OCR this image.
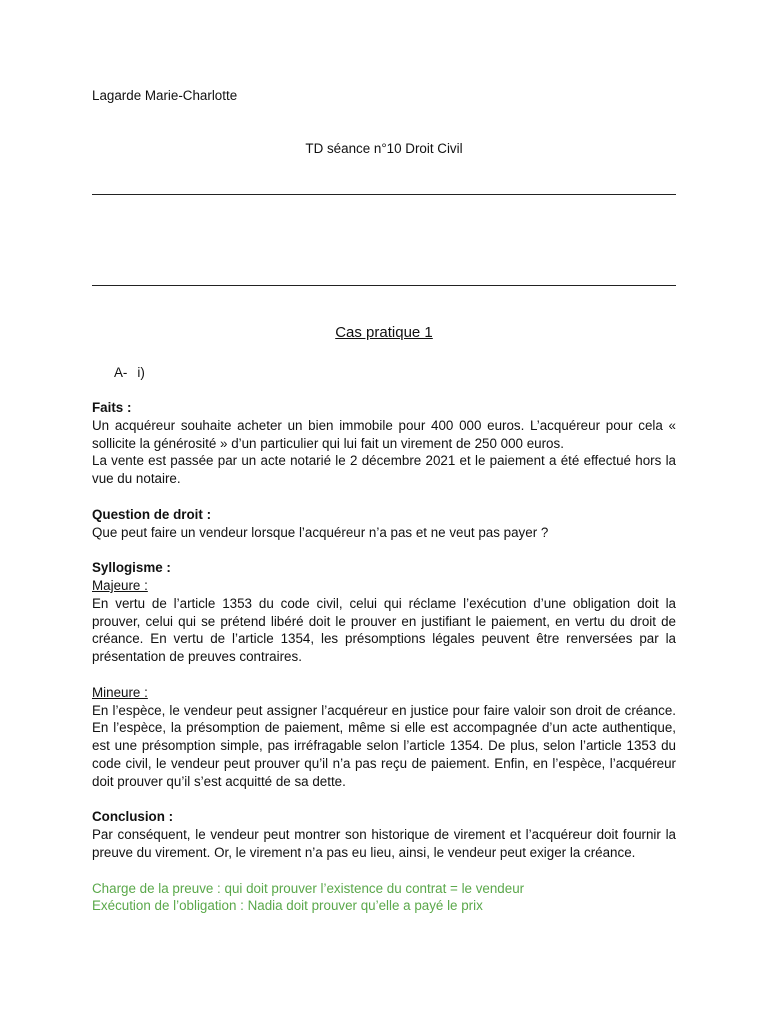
Lagarde Marie-Charlotte
TD séance n°10 Droit Civil
Cas pratique 1
A- i)

Faits :

Un acquéreur souhaite acheter un bien immobile pour 400 000 euros. L’acquéreur pour cela « sollicite la générosité » d’un particulier qui lui fait un virement de 250 000 euros.

La vente est passée par un acte notarié le 2 décembre 2021 et le paiement a été effectué hors la vue du notaire.

Question de droit :

Que peut faire un vendeur lorsque l’acquéreur n’a pas et ne veut pas payer ?

Syllogisme :

Majeure :

En vertu de l’article 1353 du code civil, celui qui réclame l’exécution d’une obligation doit la prouver, celui qui se prétend libéré doit le prouver en justifiant le paiement, en vertu du droit de créance. En vertu de l’article 1354, les présomptions légales peuvent être renversées par la présentation de preuves contraires.

Mineure :

En l’espèce, le vendeur peut assigner l’acquéreur en justice pour faire valoir son droit de créance. En l’espèce, la présomption de paiement, même si elle est accompagnée d’un acte authentique, est une présomption simple, pas irréfragable selon l’article 1354. De plus, selon l’article 1353 du code civil, le vendeur peut prouver qu’il n’a pas reçu de paiement. Enfin, en l’espèce, l’acquéreur doit prouver qu’il s’est acquitté de sa dette.

Conclusion :

Par conséquent, le vendeur peut montrer son historique de virement et l’acquéreur doit fournir la preuve du virement. Or, le virement n’a pas eu lieu, ainsi, le vendeur peut exiger la créance.

Charge de la preuve : qui doit prouver l’existence du contrat = le vendeur

Exécution de l’obligation : Nadia doit prouver qu’elle a payé le prix
